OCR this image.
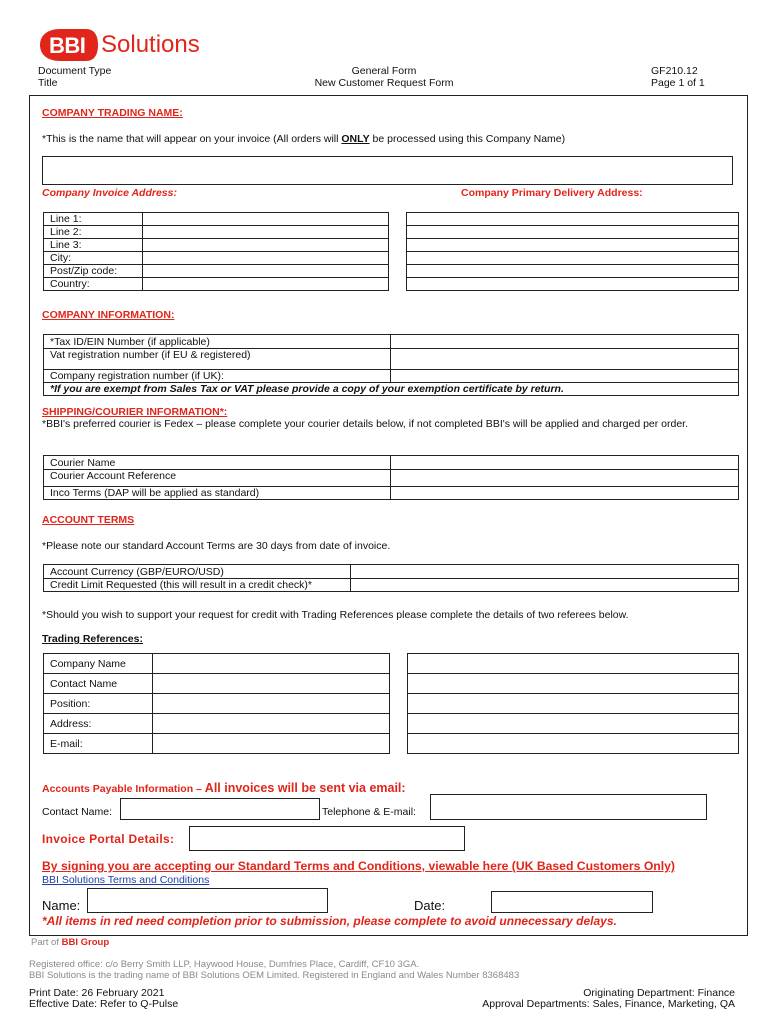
BBI Solutions
Document Type
Title
General Form
New Customer Request Form
GF210.12
Page 1 of 1
COMPANY TRADING NAME:
*This is the name that will appear on your invoice (All orders will ONLY be processed using this Company Name)
Company Invoice Address:	Company Primary Delivery Address:
Line 1:	
Line 2:	
Line 3:	
City:	
Post/Zip code:	
Country:	

COMPANY INFORMATION:
*Tax ID/EIN Number (if applicable)	
Vat registration number (if EU & registered)	
Company registration number (if UK):	
*If you are exempt from Sales Tax or VAT please provide a copy of your exemption certificate by return.	
SHIPPING/COURIER INFORMATION*:
*BBI's preferred courier is Fedex – please complete your courier details below, if not completed BBI's will be applied and charged per order.
Courier Name	
Courier Account Reference	
Inco Terms (DAP will be applied as standard)	
ACCOUNT TERMS
*Please note our standard Account Terms are 30 days from date of invoice.
Account Currency (GBP/EURO/USD)	
Credit Limit Requested (this will result in a credit check)*	
*Should you wish to support your request for credit with Trading References please complete the details of two referees below.
Trading References:
Company Name	
Contact Name	
Position:	
Address:	
E-mail:	

Accounts Payable Information – All invoices will be sent via email:
Contact Name:	Telephone & E-mail:
Invoice Portal Details:
By signing you are accepting our Standard Terms and Conditions, viewable here (UK Based Customers Only)
BBI Solutions Terms and Conditions
Name:	Date:
*All items in red need completion prior to submission, please complete to avoid unnecessary delays.
Part of BBI Group
Registered office: c/o Berry Smith LLP, Haywood House, Dumfries Place, Cardiff, CF10 3GA.
BBI Solutions is the trading name of BBI Solutions OEM Limited. Registered in England and Wales Number 8368483
Print Date: 26 February 2021
Effective Date: Refer to Q-Pulse
Originating Department: Finance
Approval Departments: Sales, Finance, Marketing, QA
